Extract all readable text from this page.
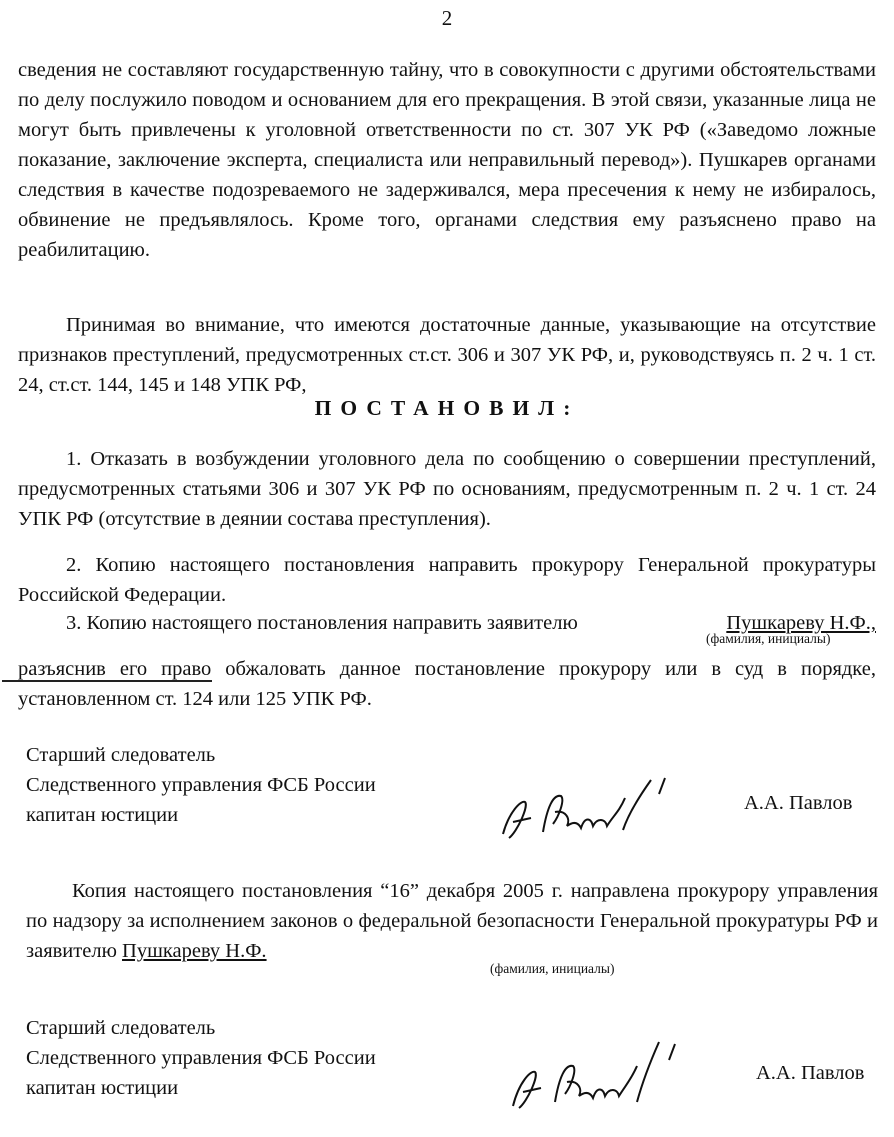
2
сведения не составляют государственную тайну, что в совокупности с другими обстоятельствами по делу послужило поводом и основанием для его прекращения. В этой связи, указанные лица не могут быть привлечены к уголовной ответственности по ст. 307 УК РФ («Заведомо ложные показание, заключение эксперта, специалиста или неправильный перевод»). Пушкарев органами следствия в качестве подозреваемого не задерживался, мера пресечения к нему не избиралось, обвинение не предъявлялось. Кроме того, органами следствия ему разъяснено право на реабилитацию.
Принимая во внимание, что имеются достаточные данные, указывающие на отсутствие признаков преступлений, предусмотренных ст.ст. 306 и 307 УК РФ, и, руководствуясь п. 2 ч. 1 ст. 24, ст.ст. 144, 145 и 148 УПК РФ,
ПОСТАНОВИЛ:
1. Отказать в возбуждении уголовного дела по сообщению о совершении преступлений, предусмотренных статьями 306 и 307 УК РФ по основаниям, предусмотренным п. 2 ч. 1 ст. 24 УПК РФ (отсутствие в деянии состава преступления).
2. Копию настоящего постановления направить прокурору Генеральной прокуратуры Российской Федерации.
3. Копию настоящего постановления направить заявителю	Пушкареву Н.Ф.,
(фамилия, инициалы)
разъяснив его право обжаловать данное постановление прокурору или в суд в порядке, установленном ст. 124 или 125 УПК РФ.
Старший следователь
Следственного управления ФСБ России
капитан юстиции
А.А. Павлов
Копия настоящего постановления “16” декабря 2005 г. направлена прокурору управления по надзору за исполнением законов о федеральной безопасности Генеральной прокуратуры РФ и заявителю Пушкареву Н.Ф.
(фамилия, инициалы)
Старший следователь
Следственного управления ФСБ России
капитан юстиции
А.А. Павлов
